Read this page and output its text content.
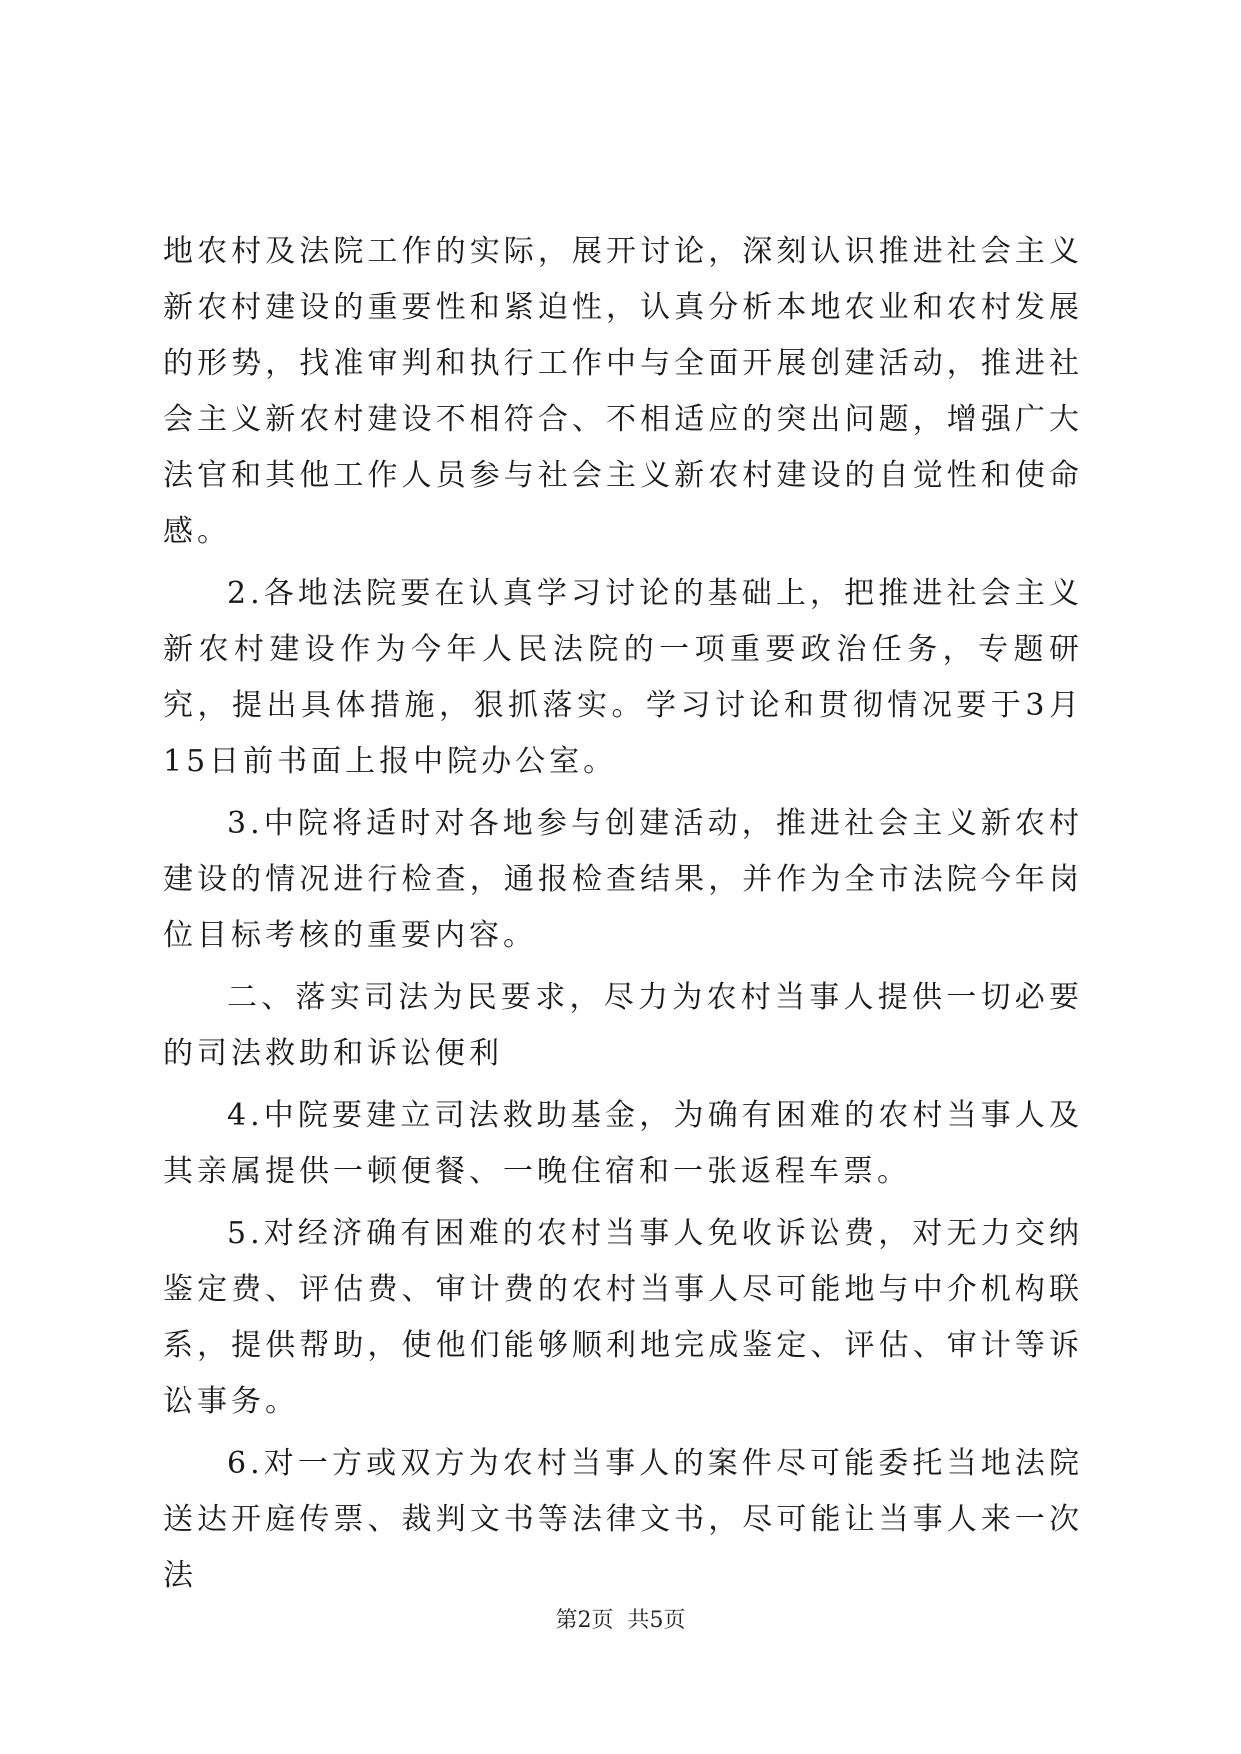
地农村及法院工作的实际，展开讨论，深刻认识推进社会主义新农村建设的重要性和紧迫性，认真分析本地农业和农村发展的形势，找准审判和执行工作中与全面开展创建活动，推进社会主义新农村建设不相符合、不相适应的突出问题，增强广大法官和其他工作人员参与社会主义新农村建设的自觉性和使命感。

2.各地法院要在认真学习讨论的基础上，把推进社会主义新农村建设作为今年人民法院的一项重要政治任务，专题研究，提出具体措施，狠抓落实。学习讨论和贯彻情况要于3月15日前书面上报中院办公室。

3.中院将适时对各地参与创建活动，推进社会主义新农村建设的情况进行检查，通报检查结果，并作为全市法院今年岗位目标考核的重要内容。

二、落实司法为民要求，尽力为农村当事人提供一切必要的司法救助和诉讼便利

4.中院要建立司法救助基金，为确有困难的农村当事人及其亲属提供一顿便餐、一晚住宿和一张返程车票。

5.对经济确有困难的农村当事人免收诉讼费，对无力交纳鉴定费、评估费、审计费的农村当事人尽可能地与中介机构联系，提供帮助，使他们能够顺利地完成鉴定、评估、审计等诉讼事务。

6.对一方或双方为农村当事人的案件尽可能委托当地法院送达开庭传票、裁判文书等法律文书，尽可能让当事人来一次法

第2页 共5页
